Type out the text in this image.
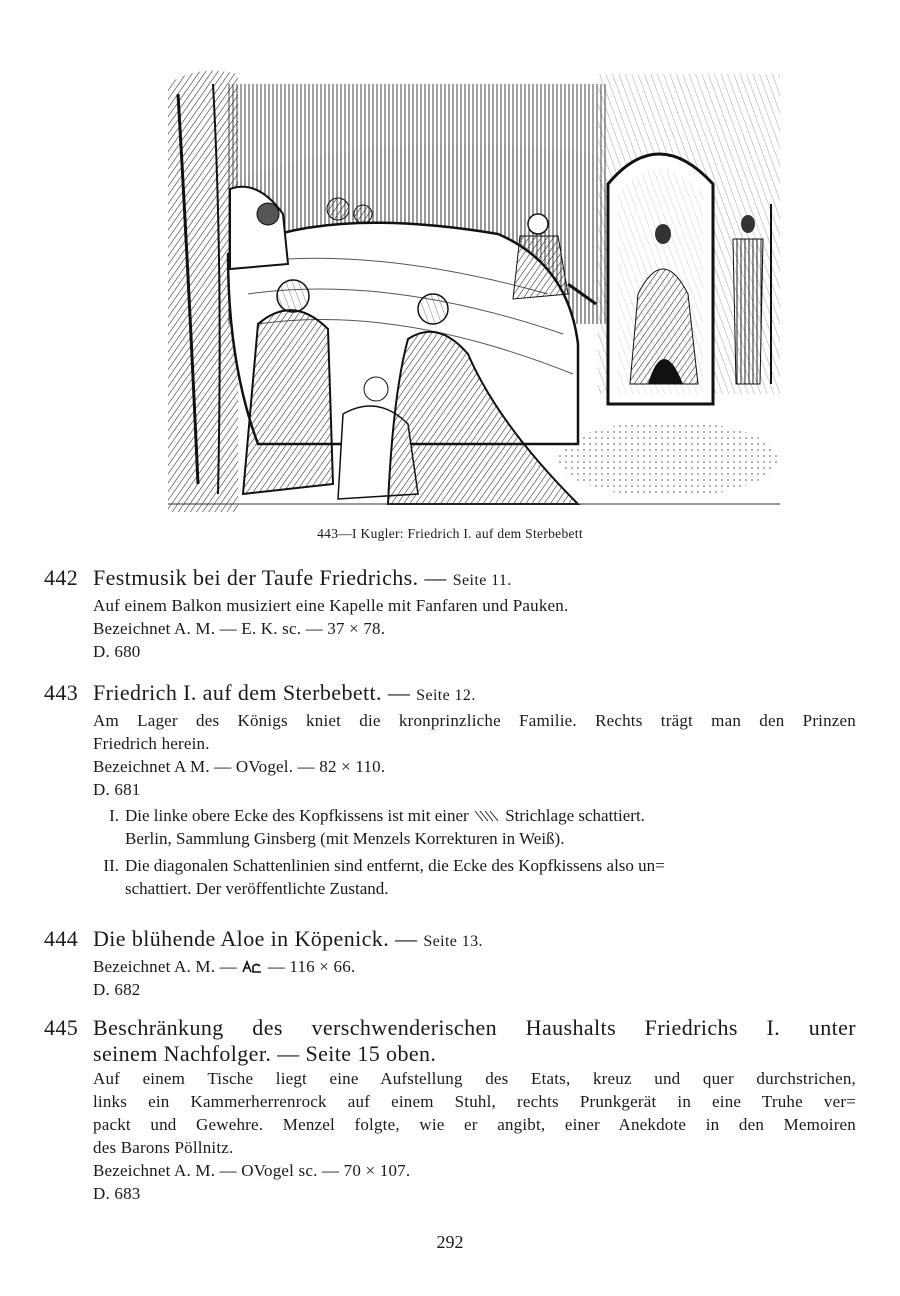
443—I Kugler: Friedrich I. auf dem Sterbebett
442 Festmusik bei der Taufe Friedrichs. — Seite 11.
Auf einem Balkon musiziert eine Kapelle mit Fanfaren und Pauken.
Bezeichnet A. M. — E. K. sc. — 37 × 78.
D. 680
443 Friedrich I. auf dem Sterbebett. — Seite 12.
Am Lager des Königs kniet die kronprinzliche Familie. Rechts trägt man den Prinzen
Friedrich herein.
Bezeichnet A M. — OVogel. — 82 × 110.
D. 681
I. Die linke obere Ecke des Kopfkissens ist mit einer Strichlage schattiert.
Berlin, Sammlung Ginsberg (mit Menzels Korrekturen in Weiß).
II. Die diagonalen Schattenlinien sind entfernt, die Ecke des Kopfkissens also un=
schattiert. Der veröffentlichte Zustand.
444 Die blühende Aloe in Köpenick. — Seite 13.
Bezeichnet A. M. — — 116 × 66.
D. 682
445 Beschränkung des verschwenderischen Haushalts Friedrichs I. unter
seinem Nachfolger. — Seite 15 oben.
Auf einem Tische liegt eine Aufstellung des Etats, kreuz und quer durchstrichen,
links ein Kammerherrenrock auf einem Stuhl, rechts Prunkgerät in eine Truhe ver=
packt und Gewehre. Menzel folgte, wie er angibt, einer Anekdote in den Memoiren
des Barons Pöllnitz.
Bezeichnet A. M. — OVogel sc. — 70 × 107.
D. 683
292
